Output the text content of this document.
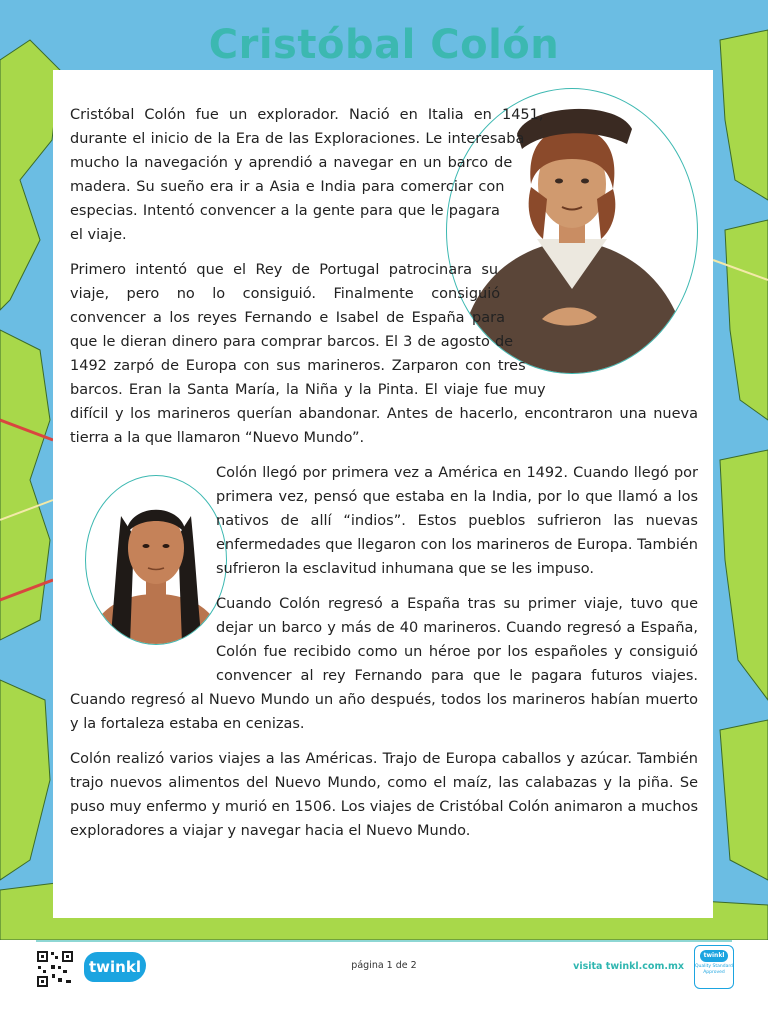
Cristóbal Colón

Cristóbal Colón fue un explorador. Nació en Italia en 1451, durante el inicio de la Era de las Exploraciones. Le interesaba mucho la navegación y aprendió a navegar en un barco de madera. Su sueño era ir a Asia e India para comerciar con especias. Intentó convencer a la gente para que le pagara el viaje.

Primero intentó que el Rey de Portugal patrocinara su viaje, pero no lo consiguió. Finalmente consiguió convencer a los reyes Fernando e Isabel de España para que le dieran dinero para comprar barcos. El 3 de agosto de 1492 zarpó de Europa con sus marineros. Zarparon con tres barcos. Eran la Santa María, la Niña y la Pinta. El viaje fue muy difícil y los marineros querían abandonar. Antes de hacerlo, encontraron una nueva tierra a la que llamaron “Nuevo Mundo”.

Colón llegó por primera vez a América en 1492. Cuando llegó por primera vez, pensó que estaba en la India, por lo que llamó a los nativos de allí “indios”. Estos pueblos sufrieron las nuevas enfermedades que llegaron con los marineros de Europa. También sufrieron la esclavitud inhumana que se les impuso.

Cuando Colón regresó a España tras su primer viaje, tuvo que dejar un barco y más de 40 marineros. Cuando regresó a España, Colón fue recibido como un héroe por los españoles y consiguió convencer al rey Fernando para que le pagara futuros viajes. Cuando regresó al Nuevo Mundo un año después, todos los marineros habían muerto y la fortaleza estaba en cenizas.

Colón realizó varios viajes a las Américas. Trajo de Europa caballos y azúcar. También trajo nuevos alimentos del Nuevo Mundo, como el maíz, las calabazas y la piña. Se puso muy enfermo y murió en 1506. Los viajes de Cristóbal Colón animaron a muchos exploradores a viajar y navegar hacia el Nuevo Mundo.

twinkl	página 1 de 2	visita twinkl.com.mx
twinkl
Quality Standard Approved
